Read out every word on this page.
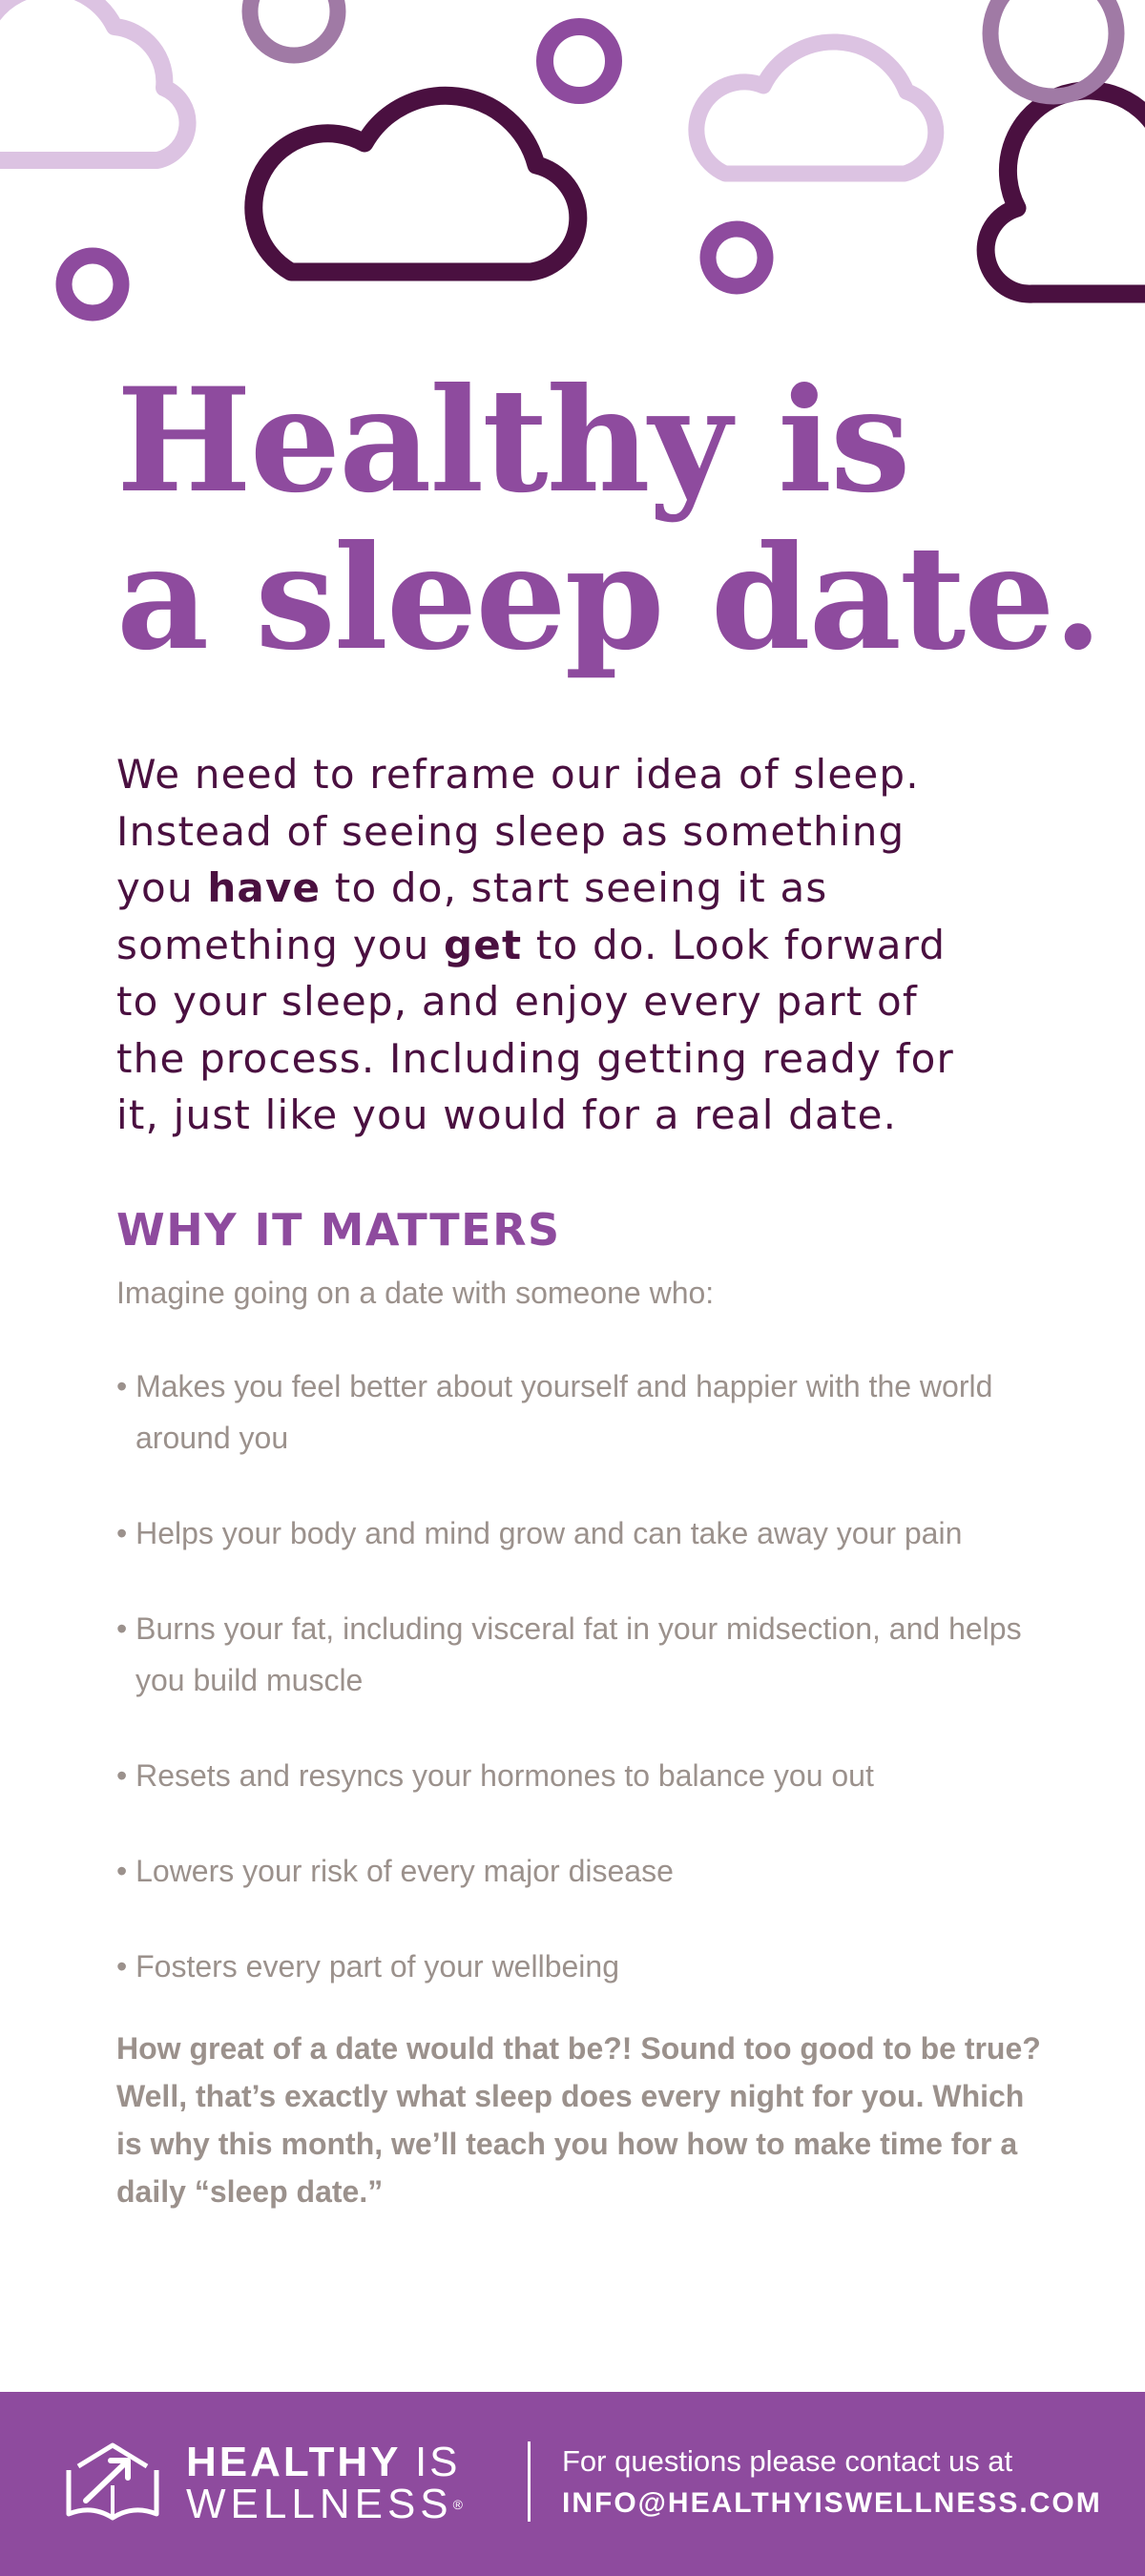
Healthy is
a sleep date.
We need to reframe our idea of sleep.
Instead of seeing sleep as something
you have to do, start seeing it as
something you get to do. Look forward
to your sleep, and enjoy every part of
the process. Including getting ready for
it, just like you would for a real date.
WHY IT MATTERS
Imagine going on a date with someone who:
• Makes you feel better about yourself and happier with the world around you
• Helps your body and mind grow and can take away your pain
• Burns your fat, including visceral fat in your midsection, and helps you build muscle
• Resets and resyncs your hormones to balance you out
• Lowers your risk of every major disease
• Fosters every part of your wellbeing
How great of a date would that be?! Sound too good to be true?
Well, that’s exactly what sleep does every night for you. Which
is why this month, we’ll teach you how how to make time for a
daily “sleep date.”
HEALTHY IS
WELLNESS®
For questions please contact us at
INFO@HEALTHYISWELLNESS.COM
